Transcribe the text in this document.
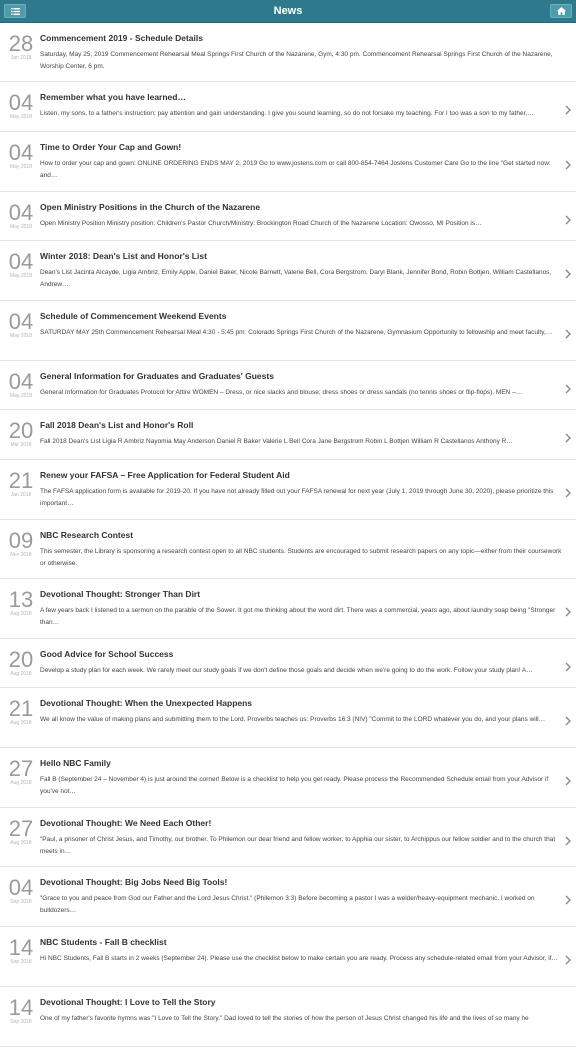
News
28
Jan 2018
Commencement 2019 - Schedule Details
Saturday, May 25, 2019 Commencement Rehearsal Meal Springs First Church of the Nazarene, Gym, 4:30 pm. Commencement Rehearsal Springs First Church of the Nazarene, Worship Center, 6 pm.
04
May 2018
Remember what you have learned…
Listen, my sons, to a father's instruction; pay attention and gain understanding. I give you sound learning, so do not forsake my teaching. For I too was a son to my father,…
04
May 2018
Time to Order Your Cap and Gown!
How to order your cap and gown: ONLINE ORDERING ENDS MAY 2, 2019 Go to www.jostens.com or call 800-854-7464 Jostens Customer Care Go to the line "Get started now: and…
04
May 2018
Open Ministry Positions in the Church of the Nazarene
Open Ministry Position Ministry position: Children's Pastor Church/Ministry: Brockington Road Church of the Nazarene Location: Owosso, MI Position is…
04
May 2018
Winter 2018: Dean's List and Honor's List
Dean's List Jacinta Alcayde, Ligia Ambriz, Emily Apple, Daniel Baker, Nicole Barnett, Valerie Bell, Cora Bergstrom, Daryl Blank, Jennifer Bond, Robin Bottjen, William Castellanos, Andrew…
04
May 2018
Schedule of Commencement Weekend Events
SATURDAY MAY 25th Commencement Rehearsal Meal 4:30 - 5:45 pm: Colorado Springs First Church of the Nazarene, Gymnasium Opportunity to fellowship and meet faculty,…
04
May 2018
General Information for Graduates and Graduates' Guests
General Information for Graduates Protocol for Attire WOMEN – Dress, or nice slacks and blouse; dress shoes or dress sandals (no tennis shoes or flip-flops). MEN –…
20
Mar 2018
Fall 2018 Dean's List and Honor's Roll
Fall 2018 Dean's List Ligia R Ambriz Nayomia May Anderson Daniel R Baker Valerie L Bell Cora Jane Bergstrom Robin L Bottjen William R Castellanos Anthony R…
21
Jan 2018
Renew your FAFSA – Free Application for Federal Student Aid
The FAFSA application form is available for 2019-20. If you have not already filled out your FAFSA renewal for next year (July 1, 2019 through June 30, 2020), please prioritize this important…
09
Nov 2018
NBC Research Contest
This semester, the Library is sponsoring a research contest open to all NBC students. Students are encouraged to submit research papers on any topic—either from their coursework or otherwise.
13
Aug 2018
Devotional Thought: Stronger Than Dirt
A few years back I listened to a sermon on the parable of the Sower. It got me thinking about the word dirt. There was a commercial, years ago, about laundry soap being "Stronger than…
20
Aug 2018
Good Advice for School Success
Develop a study plan for each week. We rarely meet our study goals if we don't define those goals and decide when we're going to do the work. Follow your study plan! A…
21
Aug 2018
Devotional Thought: When the Unexpected Happens
We all know the value of making plans and submitting them to the Lord. Proverbs teaches us: Proverbs 16:3 (NIV) "Commit to the LORD whatever you do, and your plans will…
27
Aug 2018
Hello NBC Family
Fall B (September 24 – November 4) is just around the corner! Below is a checklist to help you get ready. Please process the Recommended Schedule email from your Advisor if you've not…
27
Aug 2018
Devotional Thought: We Need Each Other!
"Paul, a prisoner of Christ Jesus, and Timothy, our brother. To Philemon our dear friend and fellow worker, to Apphia our sister, to Archippus our fellow soldier and to the church that meets in…
04
Sep 2018
Devotional Thought: Big Jobs Need Big Tools!
"Grace to you and peace from God our Father and the Lord Jesus Christ." (Philemon 3:3) Before becoming a pastor I was a welder/heavy-equipment mechanic. I worked on bulldozers…
14
Sep 2018
NBC Students - Fall B checklist
Hi NBC Students, Fall B starts in 2 weeks (September 24). Please use the checklist below to make certain you are ready. Process any schedule-related email from your Advisor, if…
14
Sep 2018
Devotional Thought: I Love to Tell the Story
One of my father's favorite hymns was "I Love to Tell the Story." Dad loved to tell the stories of how the person of Jesus Christ changed his life and the lives of so many he
